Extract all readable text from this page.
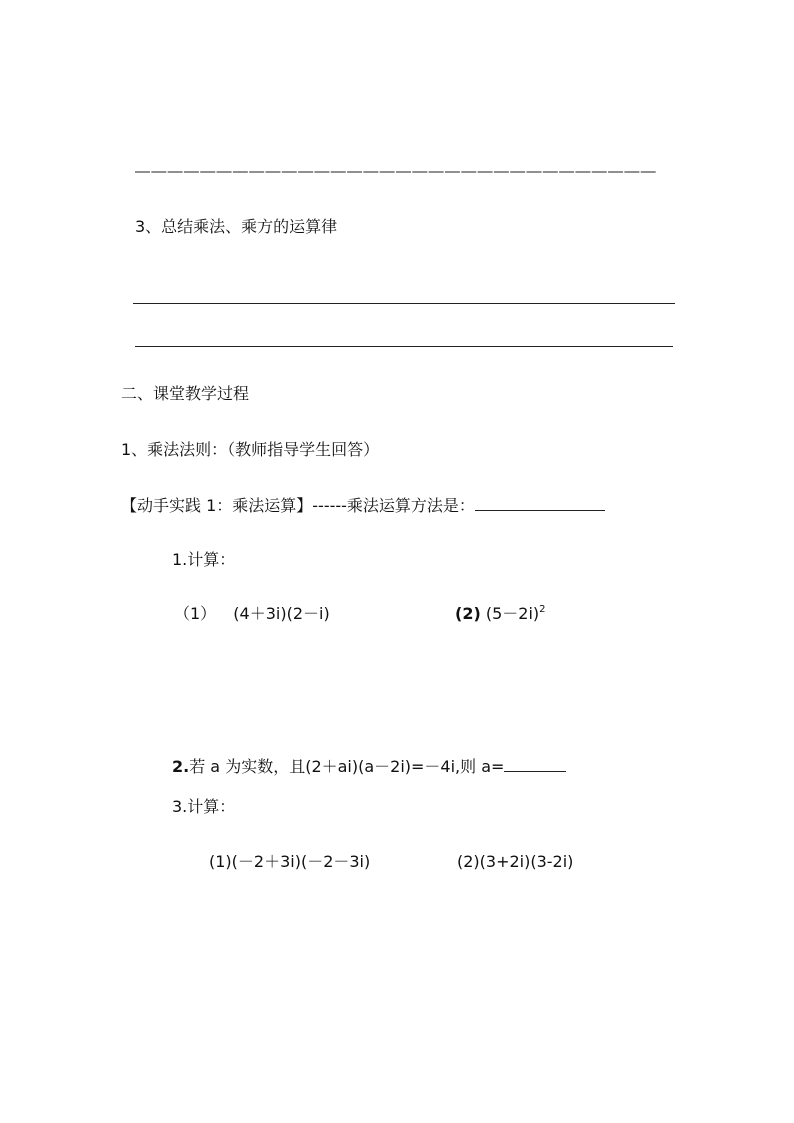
3、总结乘法、乘方的运算律
二、课堂教学过程
1、乘法法则：（教师指导学生回答）
【动手实践 1：乘法运算】------乘法运算方法是：
1.计算：
（1） (4＋3i)(2－i)	(2) $(5-2i)^2$
2.若 a 为实数，且(2＋ai)(a－2i)=－4i,则 a=
3.计算：
(1)(－2＋3i)(－2－3i)	(2)(3+2i)(3-2i)
